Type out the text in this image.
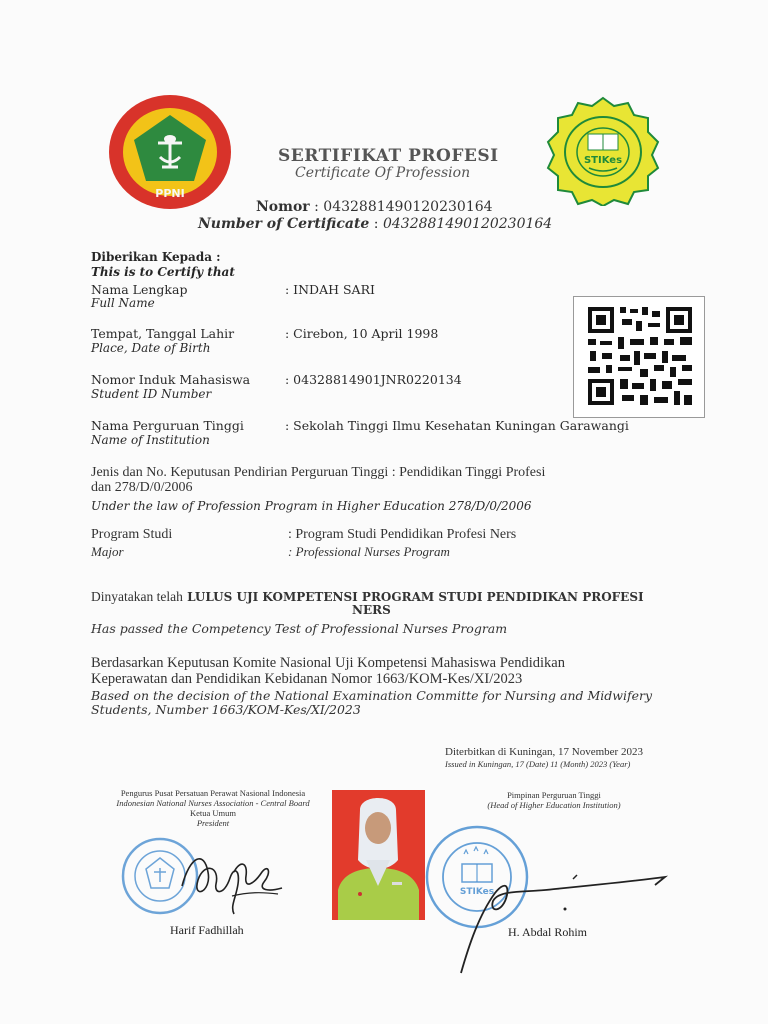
PPNI
STIKes
SERTIFIKAT PROFESI
Certificate Of Profession
Nomor : 0432881490120230164
Number of Certificate : 0432881490120230164
Diberikan Kepada :
This is to Certify that
Nama Lengkap
Full Name
: INDAH SARI
Tempat, Tanggal Lahir
Place, Date of Birth
: Cirebon, 10 April 1998
Nomor Induk Mahasiswa
Student ID Number
: 04328814901JNR0220134
Nama Perguruan Tinggi
Name of Institution
: Sekolah Tinggi Ilmu Kesehatan Kuningan Garawangi
Jenis dan No. Keputusan Pendirian Perguruan Tinggi : Pendidikan Tinggi Profesi
dan 278/D/0/2006
Under the law of Profession Program in Higher Education 278/D/0/2006
Program Studi
Major
: Program Studi Pendidikan Profesi Ners
: Professional Nurses Program
Dinyatakan telah LULUS UJI KOMPETENSI PROGRAM STUDI PENDIDIKAN PROFESI
NERS
Has passed the Competency Test of Professional Nurses Program
Berdasarkan Keputusan Komite Nasional Uji Kompetensi Mahasiswa Pendidikan
Keperawatan dan Pendidikan Kebidanan Nomor 1663/KOM-Kes/XI/2023
Based on the decision of the National Examination Committe for Nursing and Midwifery
Students, Number 1663/KOM-Kes/XI/2023
Diterbitkan di Kuningan, 17 November 2023
Issued in Kuningan, 17 (Date) 11 (Month) 2023 (Year)
Pengurus Pusat Persatuan Perawat Nasional Indonesia
Indonesian National Nurses Association - Central Board
Ketua Umum
President
Harif Fadhillah
Pimpinan Perguruan Tinggi
(Head of Higher Education Institution)
STIKes
H. Abdal Rohim
